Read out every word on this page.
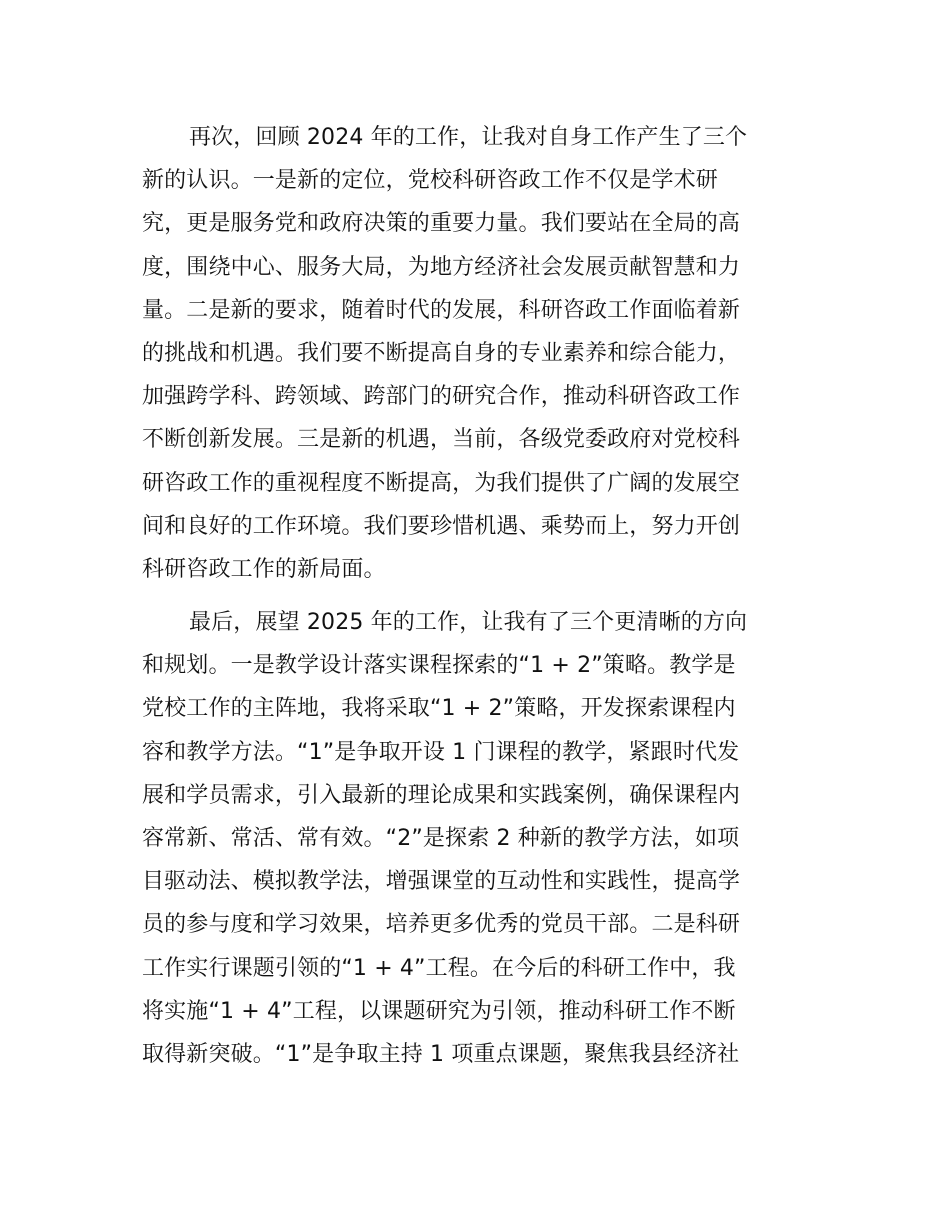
再次，回顾 2024 年的工作，让我对自身工作产生了三个
新的认识。一是新的定位，党校科研咨政工作不仅是学术研
究，更是服务党和政府决策的重要力量。我们要站在全局的高
度，围绕中心、服务大局，为地方经济社会发展贡献智慧和力
量。二是新的要求，随着时代的发展，科研咨政工作面临着新
的挑战和机遇。我们要不断提高自身的专业素养和综合能力，
加强跨学科、跨领域、跨部门的研究合作，推动科研咨政工作
不断创新发展。三是新的机遇，当前，各级党委政府对党校科
研咨政工作的重视程度不断提高，为我们提供了广阔的发展空
间和良好的工作环境。我们要珍惜机遇、乘势而上，努力开创
科研咨政工作的新局面。
最后，展望 2025 年的工作，让我有了三个更清晰的方向
和规划。一是教学设计落实课程探索的“1 + 2”策略。教学是
党校工作的主阵地，我将采取“1 + 2”策略，开发探索课程内
容和教学方法。“1”是争取开设 1 门课程的教学，紧跟时代发
展和学员需求，引入最新的理论成果和实践案例，确保课程内
容常新、常活、常有效。“2”是探索 2 种新的教学方法，如项
目驱动法、模拟教学法，增强课堂的互动性和实践性，提高学
员的参与度和学习效果，培养更多优秀的党员干部。二是科研
工作实行课题引领的“1 + 4”工程。在今后的科研工作中，我
将实施“1 + 4”工程，以课题研究为引领，推动科研工作不断
取得新突破。“1”是争取主持 1 项重点课题，聚焦我县经济社
